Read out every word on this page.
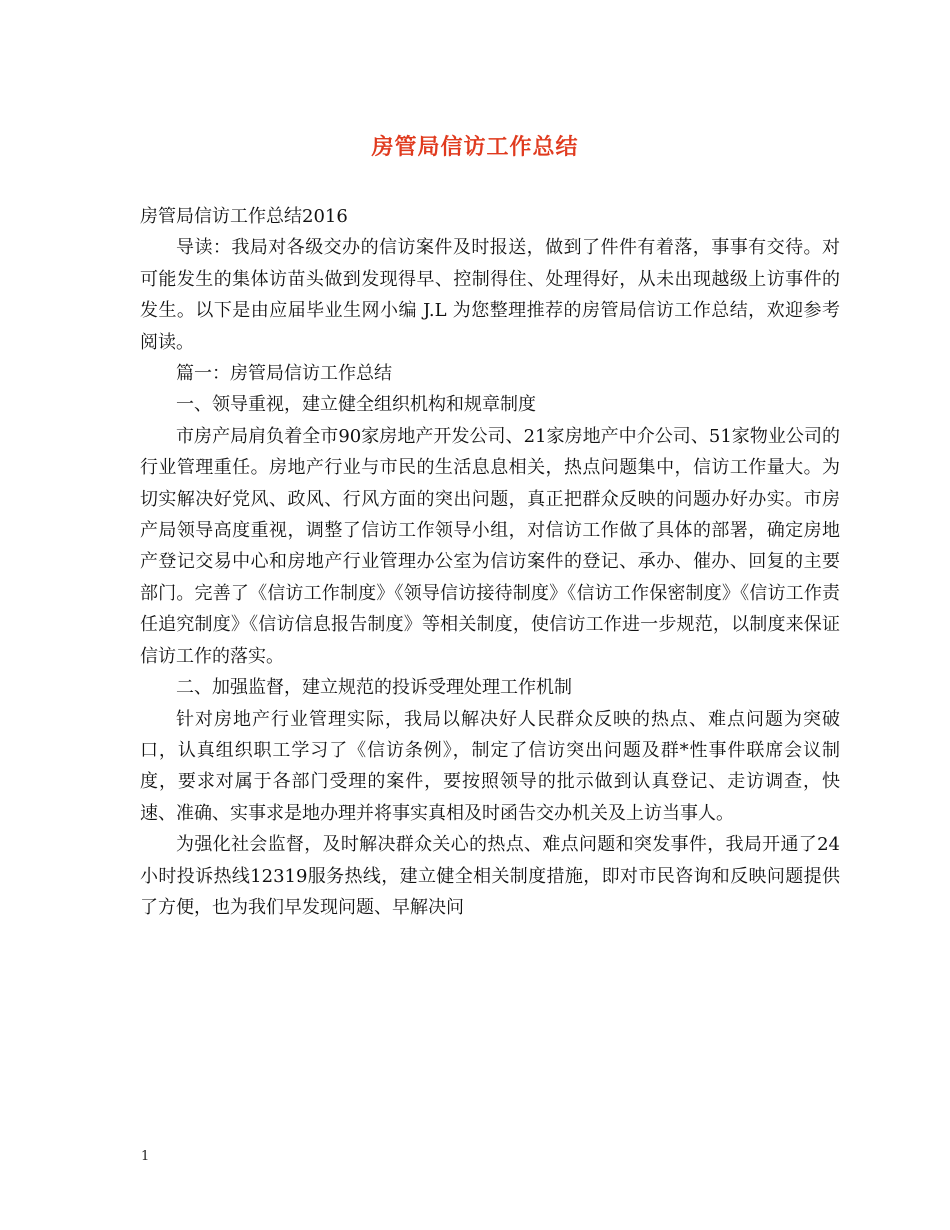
房管局信访工作总结

房管局信访工作总结2016

导读：我局对各级交办的信访案件及时报送，做到了件件有着落，事事有交待。对可能发生的集体访苗头做到发现得早、控制得住、处理得好，从未出现越级上访事件的发生。以下是由应届毕业生网小编 J.L 为您整理推荐的房管局信访工作总结，欢迎参考阅读。

篇一：房管局信访工作总结

一、领导重视，建立健全组织机构和规章制度

市房产局肩负着全市90家房地产开发公司、21家房地产中介公司、51家物业公司的行业管理重任。房地产行业与市民的生活息息相关，热点问题集中，信访工作量大。为切实解决好党风、政风、行风方面的突出问题，真正把群众反映的问题办好办实。市房产局领导高度重视，调整了信访工作领导小组，对信访工作做了具体的部署，确定房地产登记交易中心和房地产行业管理办公室为信访案件的登记、承办、催办、回复的主要部门。完善了《信访工作制度》《领导信访接待制度》《信访工作保密制度》《信访工作责任追究制度》《信访信息报告制度》等相关制度，使信访工作进一步规范，以制度来保证信访工作的落实。

二、加强监督，建立规范的投诉受理处理工作机制

针对房地产行业管理实际，我局以解决好人民群众反映的热点、难点问题为突破口，认真组织职工学习了《信访条例》，制定了信访突出问题及群*性事件联席会议制度，要求对属于各部门受理的案件，要按照领导的批示做到认真登记、走访调查，快速、准确、实事求是地办理并将事实真相及时函告交办机关及上访当事人。

为强化社会监督，及时解决群众关心的热点、难点问题和突发事件，我局开通了24小时投诉热线12319服务热线，建立健全相关制度措施，即对市民咨询和反映问题提供了方便，也为我们早发现问题、早解决问

1
